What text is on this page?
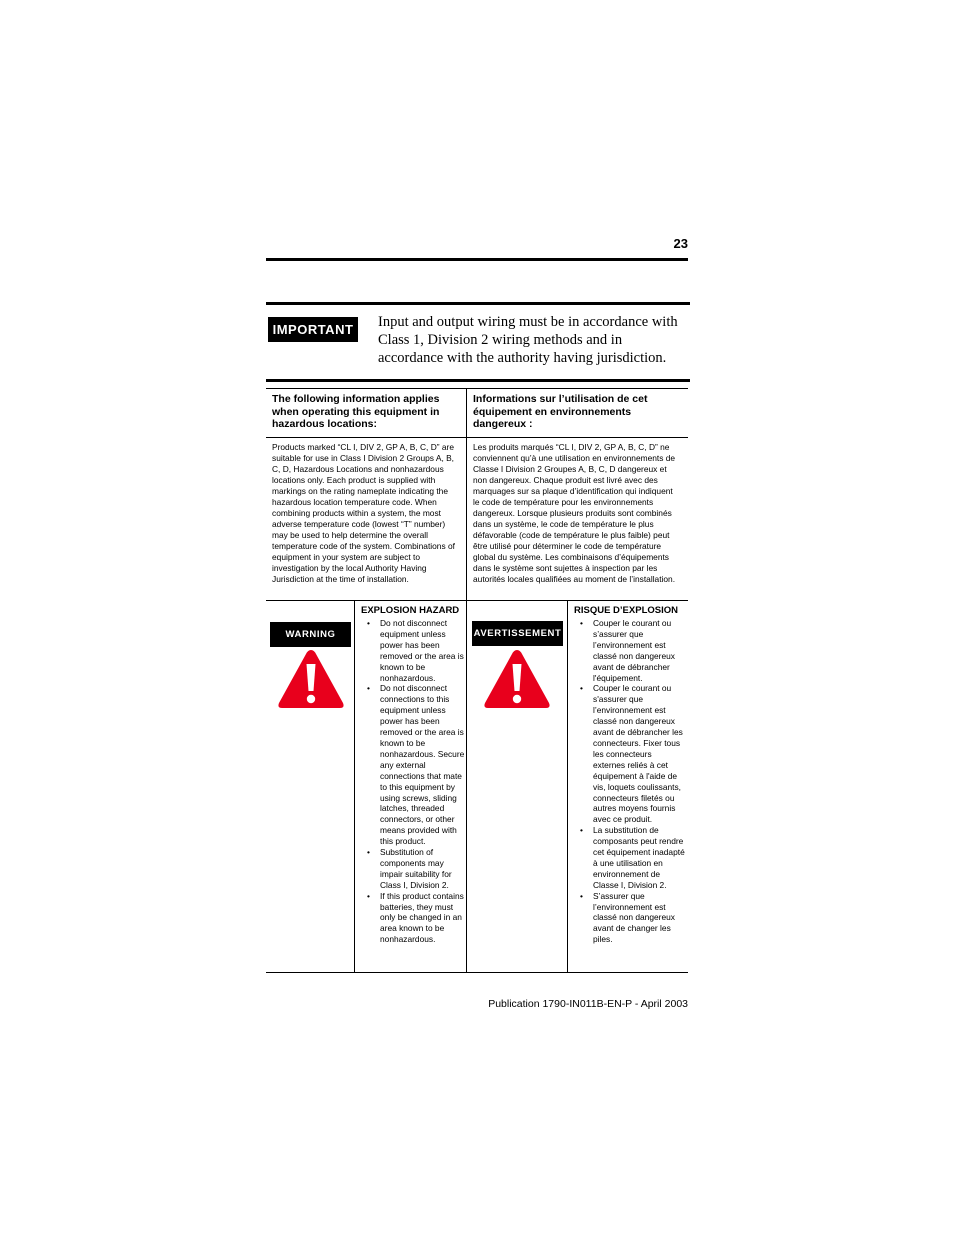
23
IMPORTANT	Input and output wiring must be in accordance with Class 1, Division 2 wiring methods and in accordance with the authority having jurisdiction.
The following information applies when operating this equipment in hazardous locations:
Informations sur l’utilisation de cet équipement en environnements dangereux :
Products marked “CL I, DIV 2, GP A, B, C, D” are suitable for use in Class I Division 2 Groups A, B, C, D, Hazardous Locations and nonhazardous locations only. Each product is supplied with markings on the rating nameplate indicating the hazardous location temperature code. When combining products within a system, the most adverse temperature code (lowest “T” number) may be used to help determine the overall temperature code of the system. Combinations of equipment in your system are subject to investigation by the local Authority Having Jurisdiction at the time of installation.
Les produits marqués “CL I, DIV 2, GP A, B, C, D” ne conviennent qu’à une utilisation en environnements de Classe I Division 2 Groupes A, B, C, D dangereux et non dangereux. Chaque produit est livré avec des marquages sur sa plaque d’identification qui indiquent le code de température pour les environnements dangereux. Lorsque plusieurs produits sont combinés dans un système, le code de température le plus défavorable (code de température le plus faible) peut être utilisé pour déterminer le code de température global du système. Les combinaisons d’équipements dans le système sont sujettes à inspection par les autorités locales qualifiées au moment de l’installation.
WARNING
EXPLOSION HAZARD
• Do not disconnect equipment unless power has been removed or the area is known to be nonhazardous.
• Do not disconnect connections to this equipment unless power has been removed or the area is known to be nonhazardous. Secure any external connections that mate to this equipment by using screws, sliding latches, threaded connectors, or other means provided with this product.
• Substitution of components may impair suitability for Class I, Division 2.
• If this product contains batteries, they must only be changed in an area known to be nonhazardous.
AVERTISSEMENT
RISQUE D’EXPLOSION
• Couper le courant ou s’assurer que l’environnement est classé non dangereux avant de débrancher l'équipement.
• Couper le courant ou s'assurer que l’environnement est classé non dangereux avant de débrancher les connecteurs. Fixer tous les connecteurs externes reliés à cet équipement à l'aide de vis, loquets coulissants, connecteurs filetés ou autres moyens fournis avec ce produit.
• La substitution de composants peut rendre cet équipement inadapté à une utilisation en environnement de Classe I, Division 2.
• S’assurer que l’environnement est classé non dangereux avant de changer les piles.
Publication 1790-IN011B-EN-P - April 2003
